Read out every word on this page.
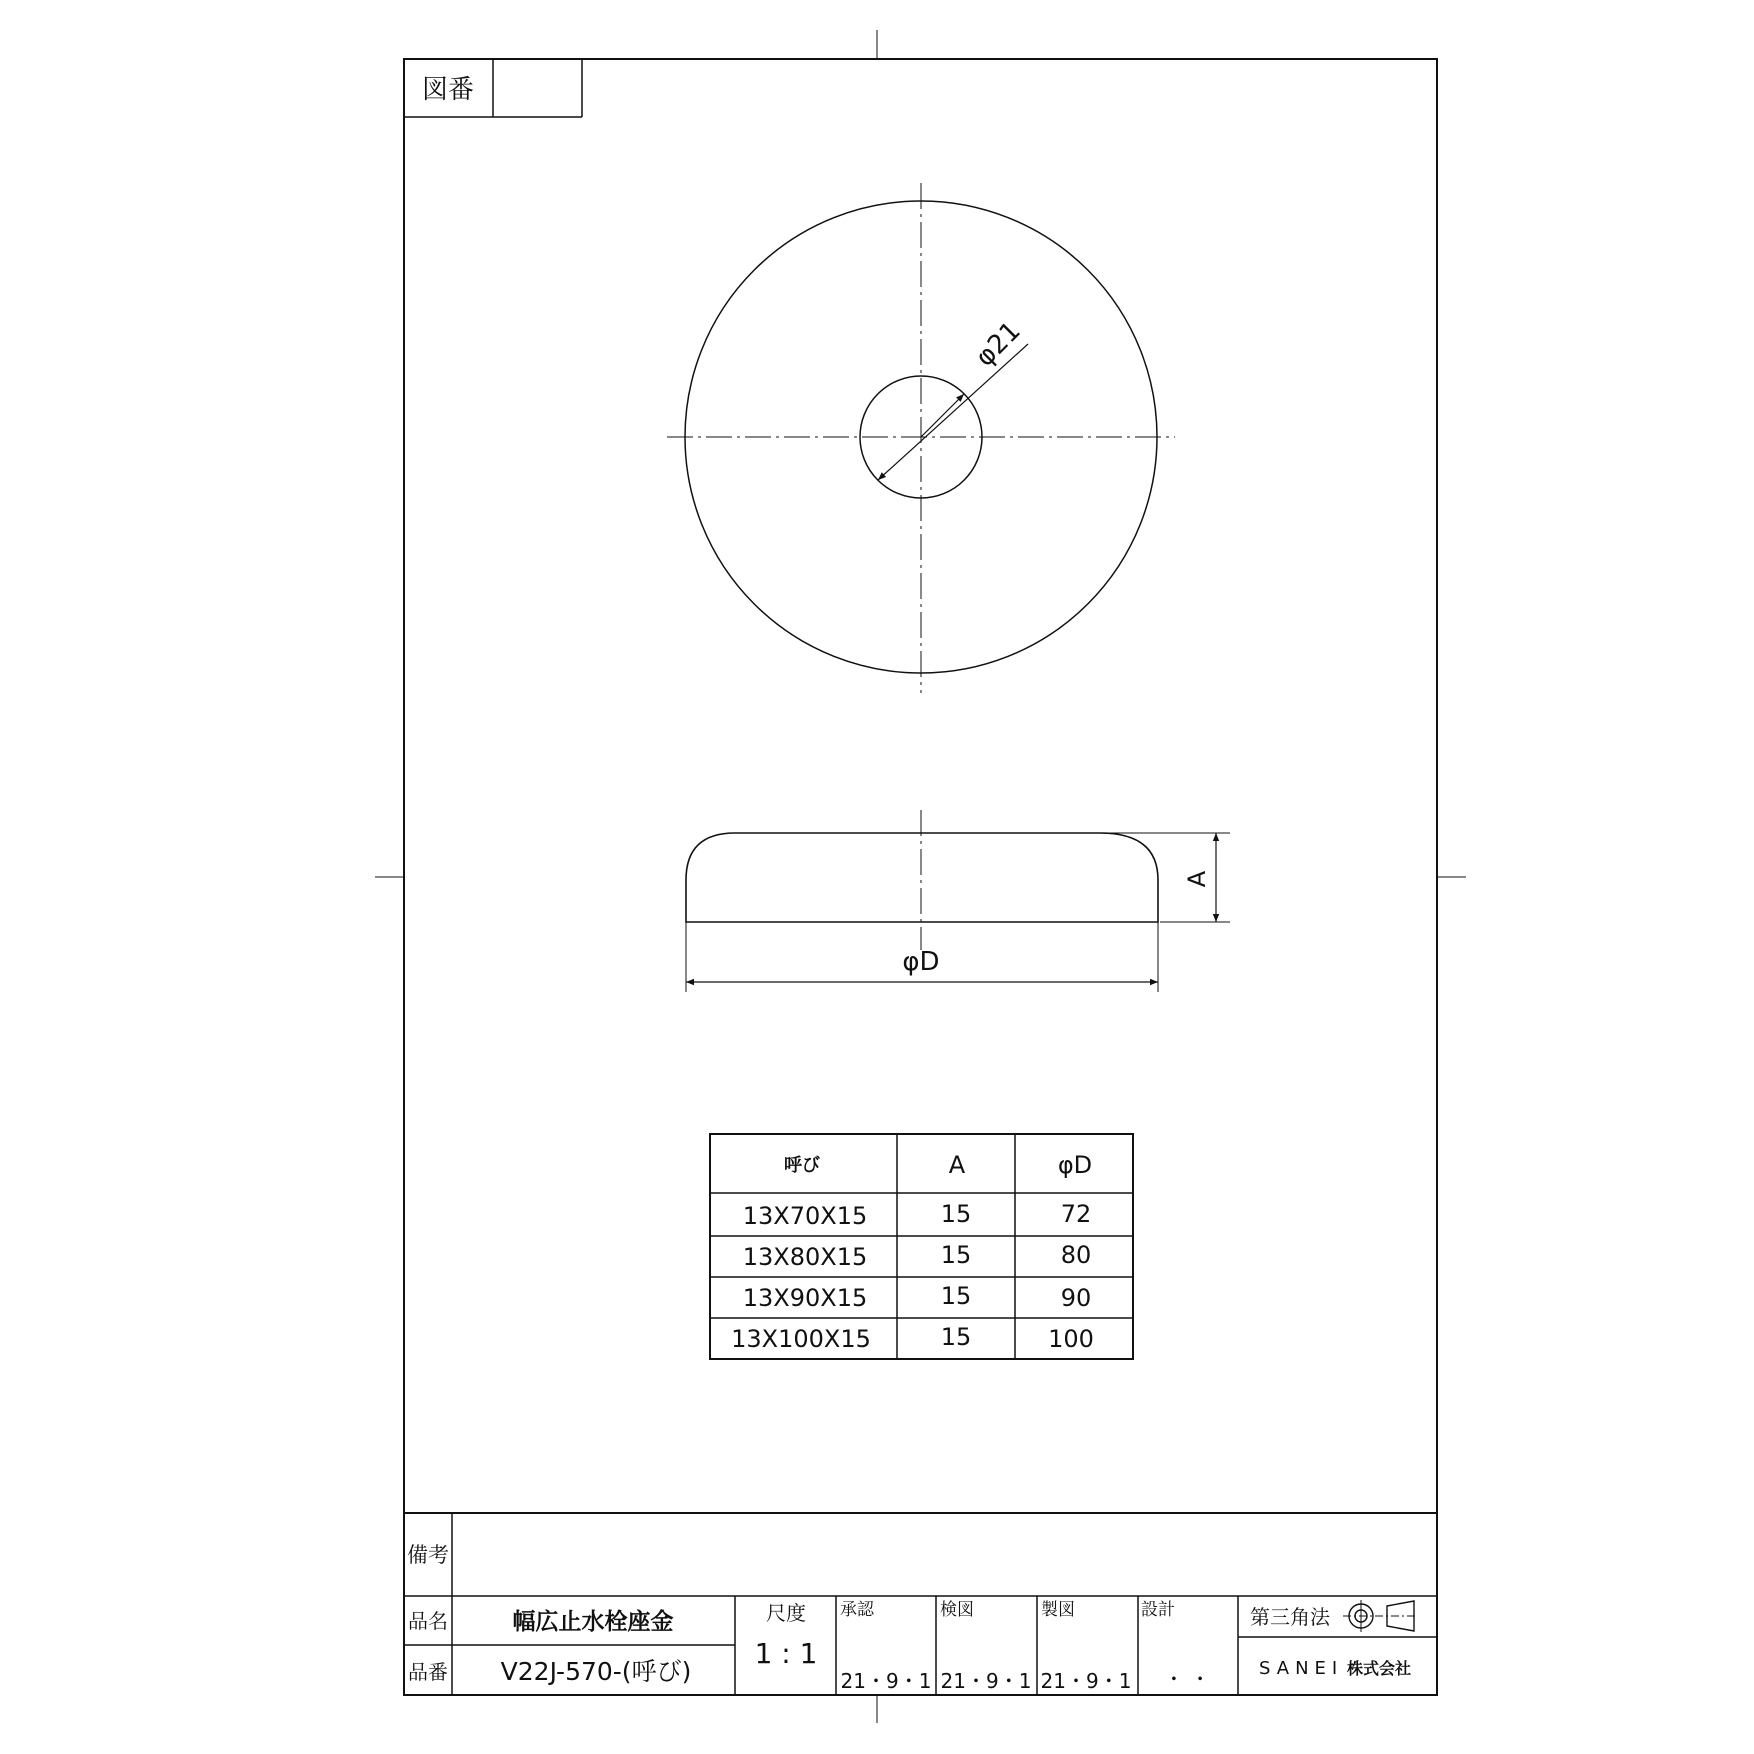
図番
φ21
A
φD
呼び	A	φD
13X70X15	15	72
13X80X15	15	80
13X90X15	15	90
13X100X15	15	100
備考
品名	幅広止水栓座金
品番 V22J-570-(呼び)
尺度
1 : 1
承認
21・9・1
検図
21・9・1
製図
21・9・1
設計
・ ・
第三角法
SANEI 株式会社
